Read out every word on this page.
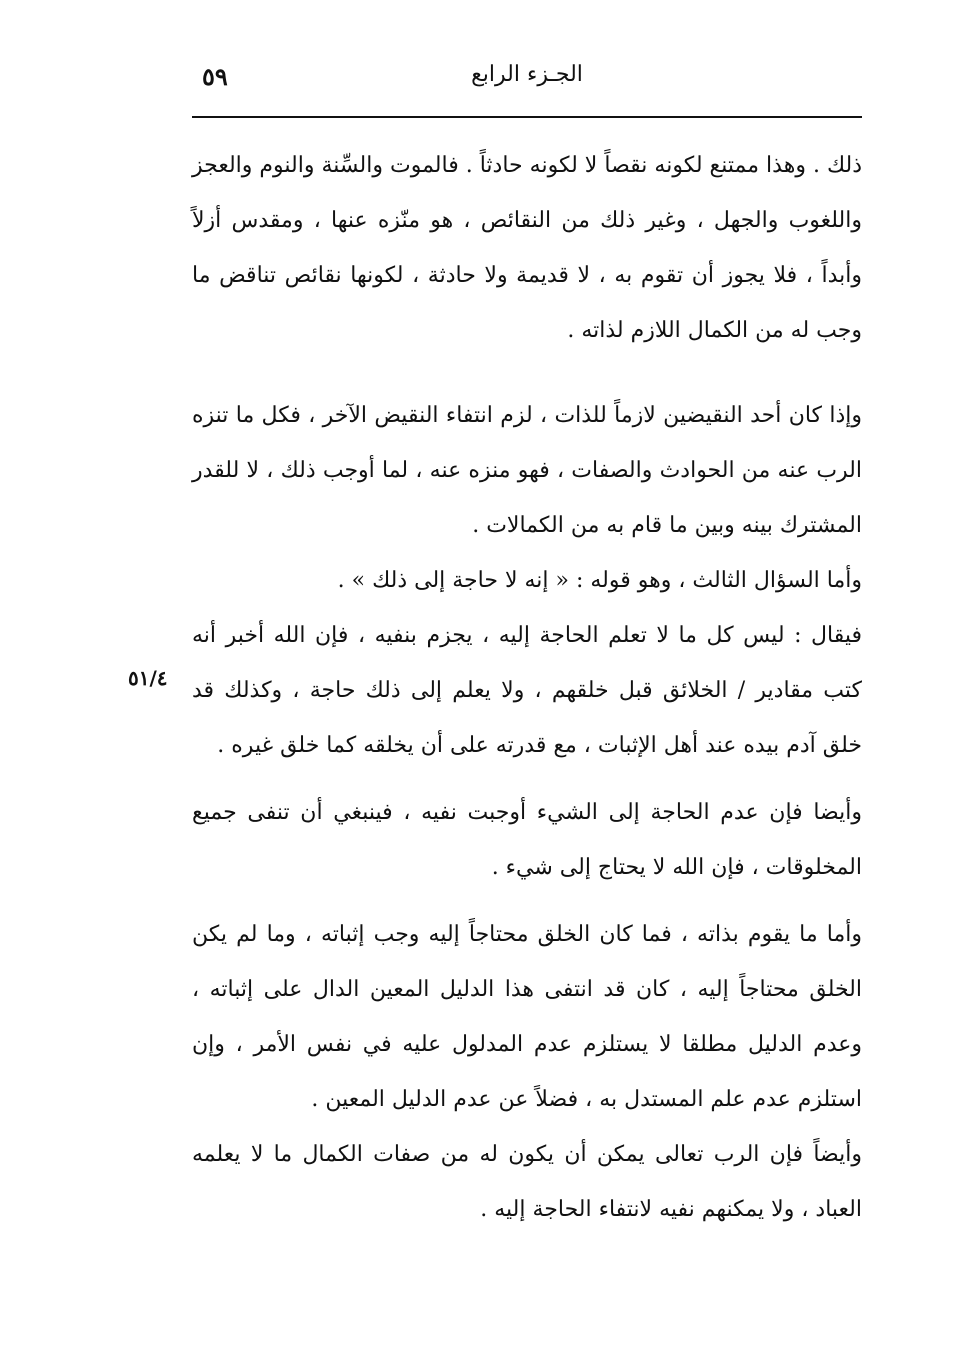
٥٩	الجـزء الرابع
٥١/٤

ذلك . وهذا ممتنع لكونه نقصاً لا لكونه حادثاً . فالموت والسِّنة والنوم والعجز واللغوب والجهل ، وغير ذلك من النقائص ، هو منّزه عنها ، ومقدس أزلاً وأبداً ، فلا يجوز أن تقوم به ، لا قديمة ولا حادثة ، لكونها نقائص تناقض ما وجب له من الكمال اللازم لذاته .

وإذا كان أحد النقيضين لازماً للذات ، لزم انتفاء النقيض الآخر ، فكل ما تنزه الرب عنه من الحوادث والصفات ، فهو منزه عنه ، لما أوجب ذلك ، لا للقدر المشترك بينه وبين ما قام به من الكمالات .

وأما السؤال الثالث ، وهو قوله : « إنه لا حاجة إلى ذلك » .

فيقال : ليس كل ما لا تعلم الحاجة إليه ، يجزم بنفيه ، فإن الله أخبر أنه كتب مقادير / الخلائق قبل خلقهم ، ولا يعلم إلى ذلك حاجة ، وكذلك قد خلق آدم بيده عند أهل الإثبات ، مع قدرته على أن يخلقه كما خلق غيره .

وأيضا فإن عدم الحاجة إلى الشيء أوجبت نفيه ، فينبغي أن تنفى جميع المخلوقات ، فإن الله لا يحتاج إلى شيء .

وأما ما يقوم بذاته ، فما كان الخلق محتاجاً إليه وجب إثباته ، وما لم يكن الخلق محتاجاً إليه ، كان قد انتفى هذا الدليل المعين الدال على إثباته ، وعدم الدليل مطلقا لا يستلزم عدم المدلول عليه في نفس الأمر ، وإن استلزم عدم علم المستدل به ، فضلاً عن عدم الدليل المعين .

وأيضاً فإن الرب تعالى يمكن أن يكون له من صفات الكمال ما لا يعلمه العباد ، ولا يمكنهم نفيه لانتفاء الحاجة إليه .
